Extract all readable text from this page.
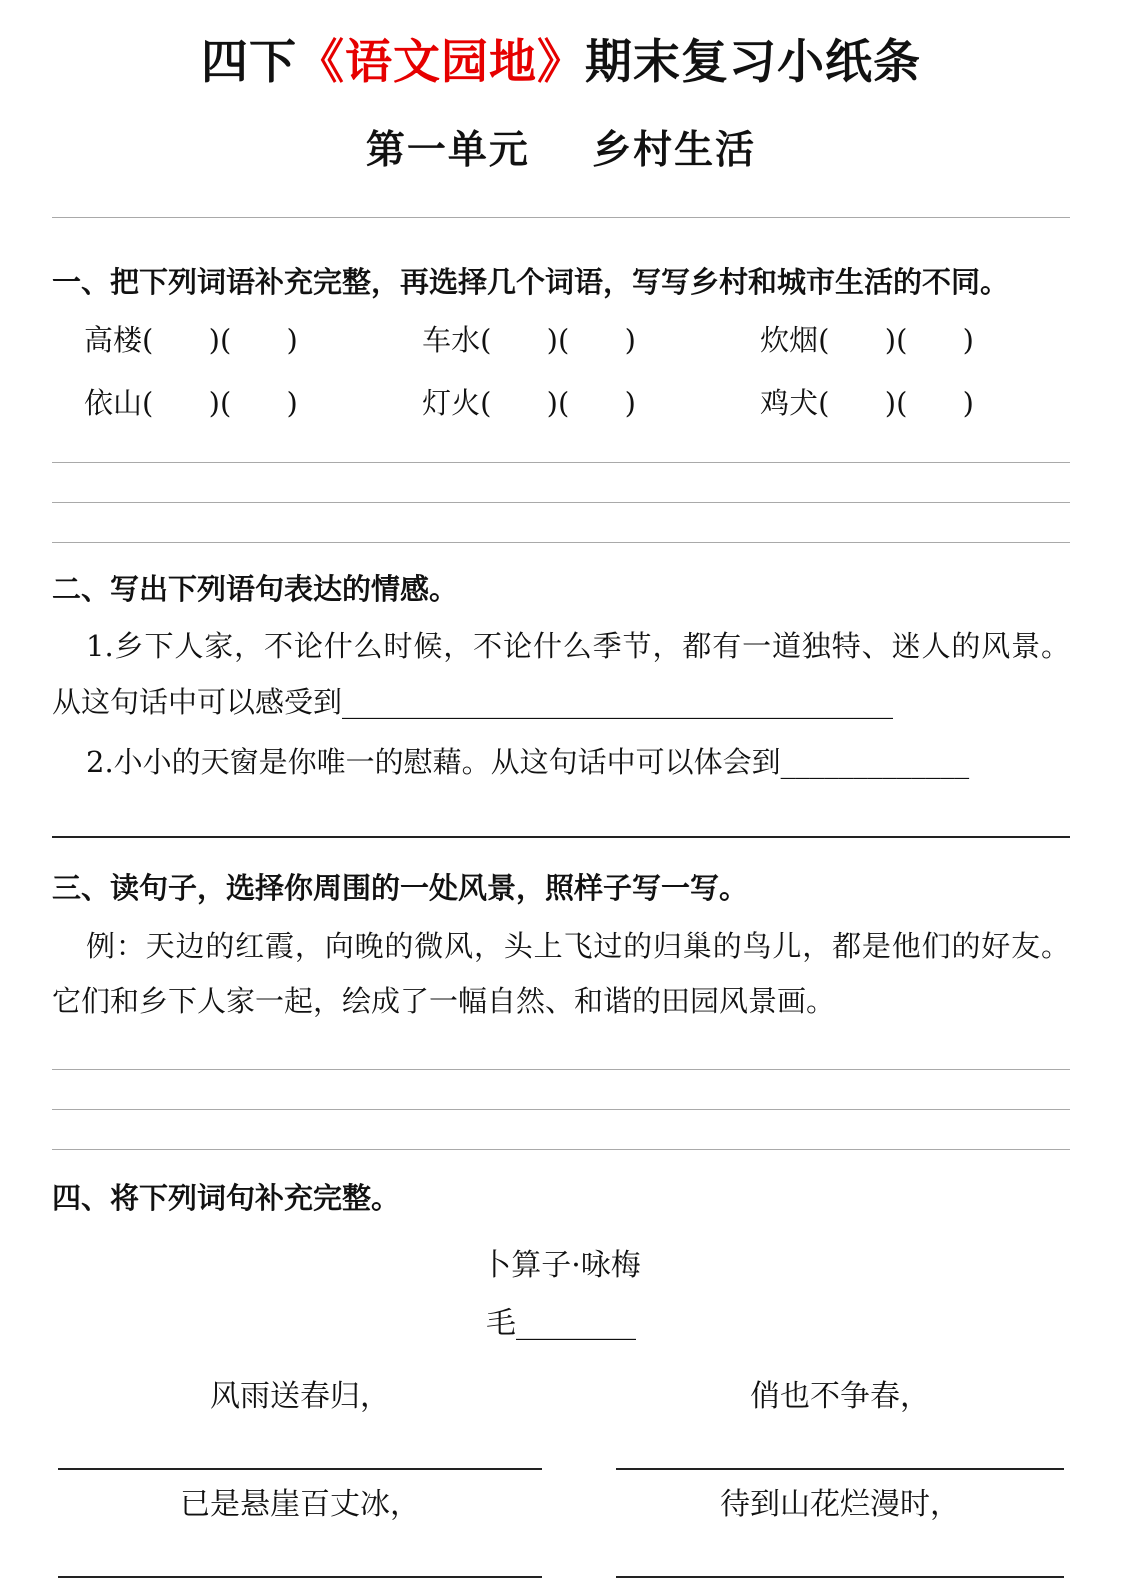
四下《语文园地》期末复习小纸条
第一单元    乡村生活

一、把下列词语补充完整，再选择几个词语，写写乡村和城市生活的不同。

高楼(      )(      )	车水(      )(      )	炊烟(      )(      )
依山(      )(      )	灯火(      )(      )	鸡犬(      )(      )

二、写出下列语句表达的情感。

1.乡下人家，不论什么时候，不论什么季节，都有一道独特、迷人的风景。从这句话中可以感受到______________________________________

2.小小的天窗是你唯一的慰藉。从这句话中可以体会到_____________

三、读句子，选择你周围的一处风景，照样子写一写。

例：天边的红霞，向晚的微风，头上飞过的归巢的鸟儿，都是他们的好友。它们和乡下人家一起，绘成了一幅自然、和谐的田园风景画。

四、将下列词句补充完整。

卜算子·咏梅

毛________

风雨送春归，	俏也不争春，
已是悬崖百丈冰，	待到山花烂漫时，
